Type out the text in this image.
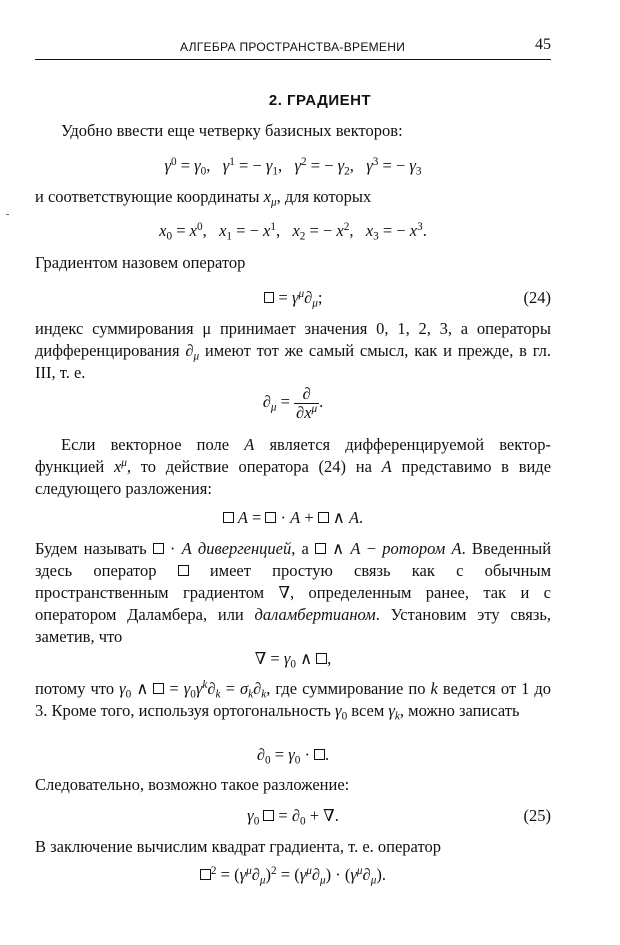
АЛГЕБРА ПРОСТРАНСТВА-ВРЕМЕНИ	45
2. ГРАДИЕНТ
Удобно ввести еще четверку базисных векторов:
$\gamma^0 = \gamma_0$,   $\gamma^1$ = − $\gamma_1$,   $\gamma^2$ = − $\gamma_2$,   $\gamma^3$ = − $\gamma_3$
и соответствующие координаты $x_\mu$, для которых
$x_0 = x^0$,   $x_1$ = − $x^1$,   $x_2$ = − $x^2$,   $x_3$ = − $x^3$.
Градиентом назовем оператор
= $\gamma^\mu\partial_\mu$;	(24)
индекс суммирования μ принимает значения 0, 1, 2, 3, а операторы дифференцирования $\partial_\mu$ имеют тот же самый смысл, как и прежде, в гл. III, т. е.
$\partial_\mu = \frac{\partial}{\partial x^\mu}$ .
Если векторное поле A является дифференцируемой вектор-функцией $x^\mu$, то действие оператора (24) на A представимо в виде следующего разложения:
A =  · A +  ∧ A.
Будем называть  · A дивергенцией, а  ∧ A − ротором A. Введенный здесь оператор	имеет простую связь как с обычным пространственным градиентом ∇, определенным ранее, так и с оператором Даламбера, или даламбертианом. Установим эту связь, заметив, что
∇ = $\gamma_0$ ∧ ,
потому что $\gamma_0$ ∧  = $\gamma_0\gamma^k\partial_k = \sigma_k\partial_k$, где суммирование по k ведется от 1 до 3. Кроме того, используя ортогональность $\gamma_0$ всем $\gamma_k$, можно записать
$\partial_0 = \gamma_0$ · .
Следовательно, возможно такое разложение:
$\gamma_0 = \partial_0$ + ∇.	(25)
В заключение вычислим квадрат градиента, т. е. оператор
$^2 = (\gamma^\mu\partial_\mu)^2 = (\gamma^\mu\partial_\mu) \cdot (\gamma^\mu\partial_\mu)$.
